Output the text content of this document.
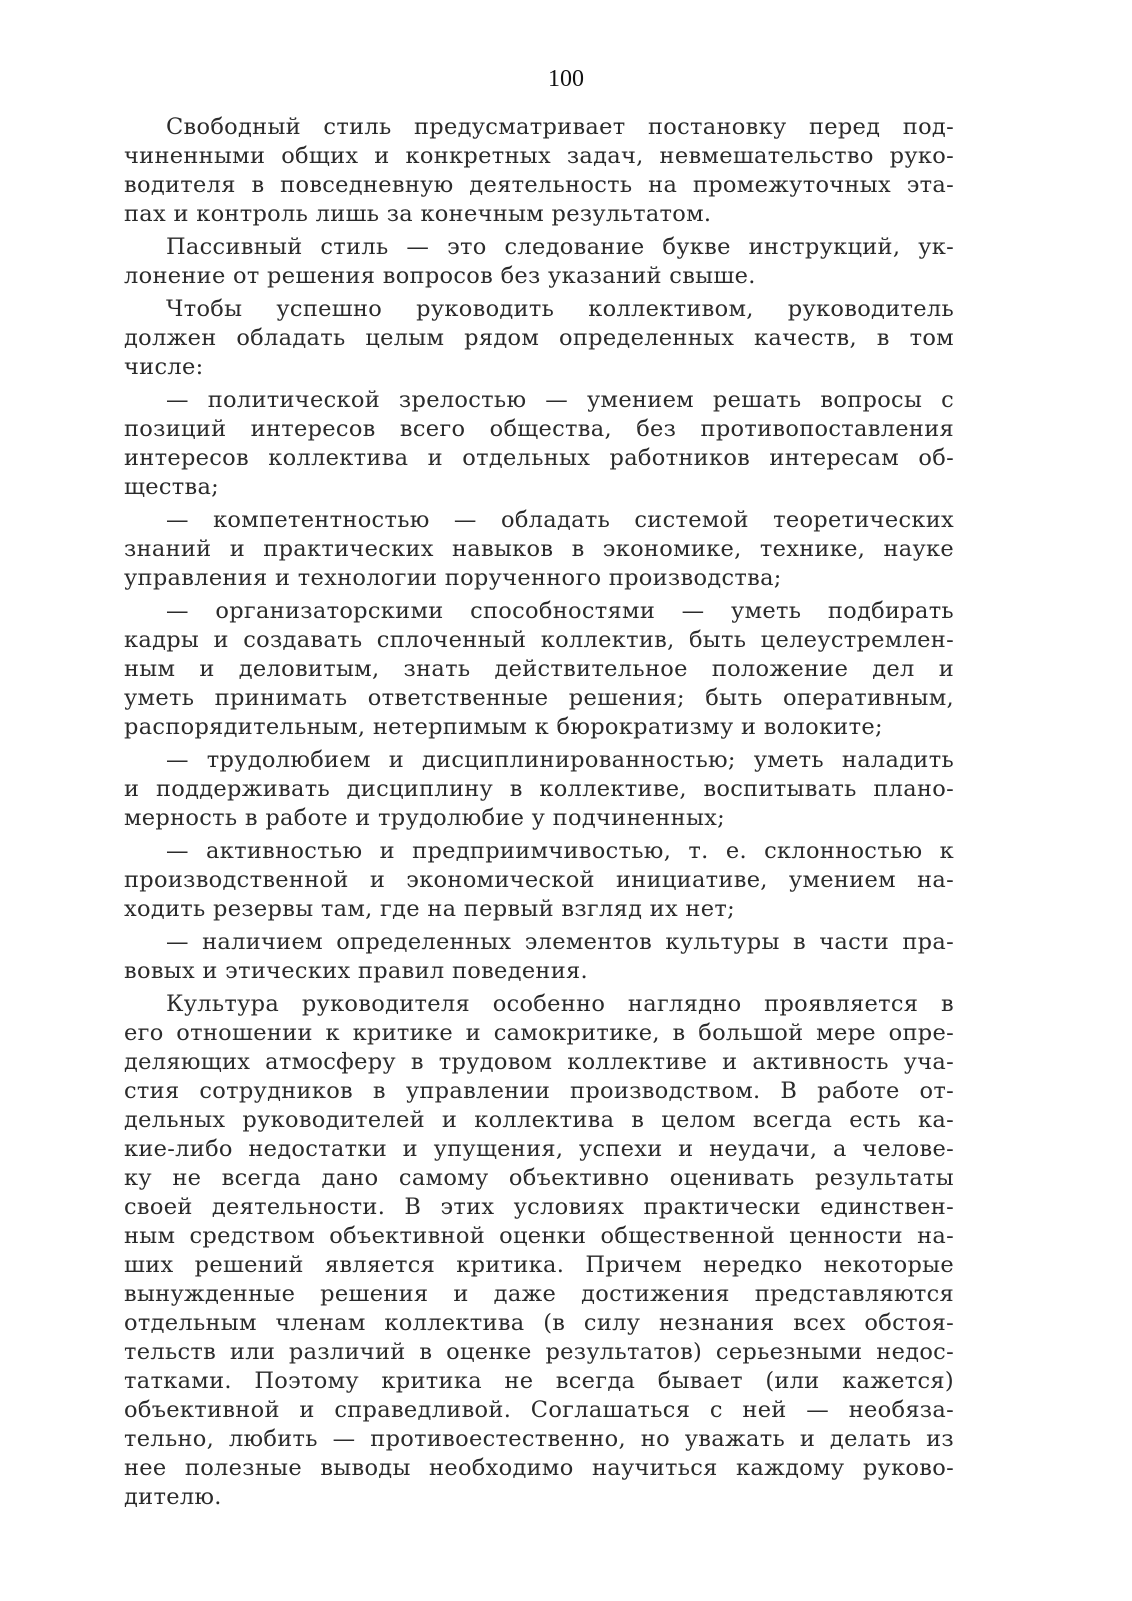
100
Свободный стиль предусматривает постановку перед под-
чиненными общих и конкретных задач, невмешательство руко-
водителя в повседневную деятельность на промежуточных эта-
пах и контроль лишь за конечным результатом.
Пассивный стиль — это следование букве инструкций, ук-
лонение от решения вопросов без указаний свыше.
Чтобы успешно руководить коллективом, руководитель
должен обладать целым рядом определенных качеств, в том
числе:
— политической зрелостью — умением решать вопросы с
позиций интересов всего общества, без противопоставления
интересов коллектива и отдельных работников интересам об-
щества;
— компетентностью — обладать системой теоретических
знаний и практических навыков в экономике, технике, науке
управления и технологии порученного производства;
— организаторскими способностями — уметь подбирать
кадры и создавать сплоченный коллектив, быть целеустремлен-
ным и деловитым, знать действительное положение дел и
уметь принимать ответственные решения; быть оперативным,
распорядительным, нетерпимым к бюрократизму и волоките;
— трудолюбием и дисциплинированностью; уметь наладить
и поддерживать дисциплину в коллективе, воспитывать плано-
мерность в работе и трудолюбие у подчиненных;
— активностью и предприимчивостью, т. е. склонностью к
производственной и экономической инициативе, умением на-
ходить резервы там, где на первый взгляд их нет;
— наличием определенных элементов культуры в части пра-
вовых и этических правил поведения.
Культура руководителя особенно наглядно проявляется в
его отношении к критике и самокритике, в большой мере опре-
деляющих атмосферу в трудовом коллективе и активность уча-
стия сотрудников в управлении производством. В работе от-
дельных руководителей и коллектива в целом всегда есть ка-
кие-либо недостатки и упущения, успехи и неудачи, а челове-
ку не всегда дано самому объективно оценивать результаты
своей деятельности. В этих условиях практически единствен-
ным средством объективной оценки общественной ценности на-
ших решений является критика. Причем нередко некоторые
вынужденные решения и даже достижения представляются
отдельным членам коллектива (в силу незнания всех обстоя-
тельств или различий в оценке результатов) серьезными недос-
татками. Поэтому критика не всегда бывает (или кажется)
объективной и справедливой. Соглашаться с ней — необяза-
тельно, любить — противоестественно, но уважать и делать из
нее полезные выводы необходимо научиться каждому руково-
дителю.
